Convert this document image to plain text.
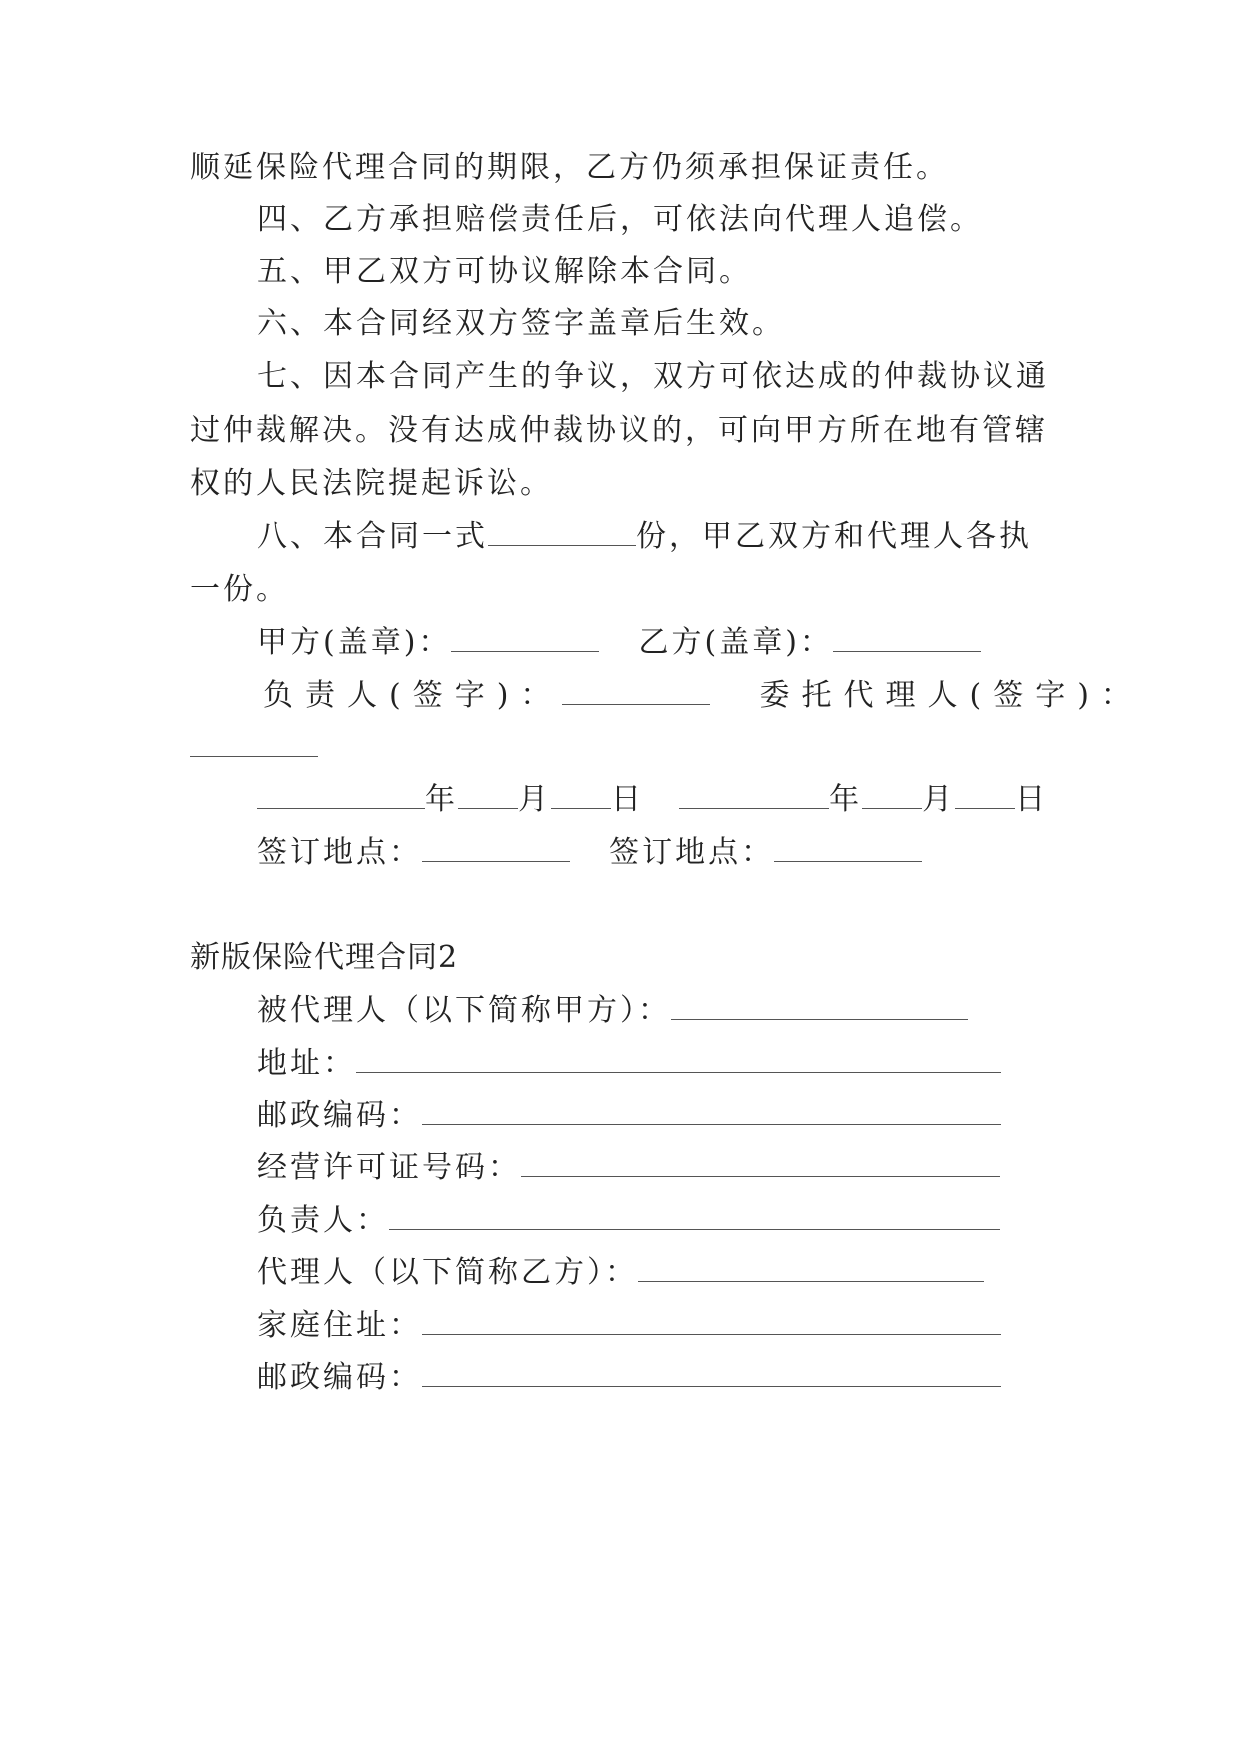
顺延保险代理合同的期限，乙方仍须承担保证责任。
四、乙方承担赔偿责任后，可依法向代理人追偿。
五、甲乙双方可协议解除本合同。
六、本合同经双方签字盖章后生效。
七、因本合同产生的争议，双方可依达成的仲裁协议通
过仲裁解决。没有达成仲裁协议的，可向甲方所在地有管辖
权的人民法院提起诉讼。
八、本合同一式	份，甲乙双方和代理人各执
一份。
甲方(盖章)：	乙方(盖章)：
负责人(签字)：	委托代理人(签字)：
年 月 日	年 月 日
签订地点：	签订地点：
新版保险代理合同2
被代理人（以下简称甲方）：
地址：
邮政编码：
经营许可证号码：
负责人：
代理人（以下简称乙方）：
家庭住址：
邮政编码：
